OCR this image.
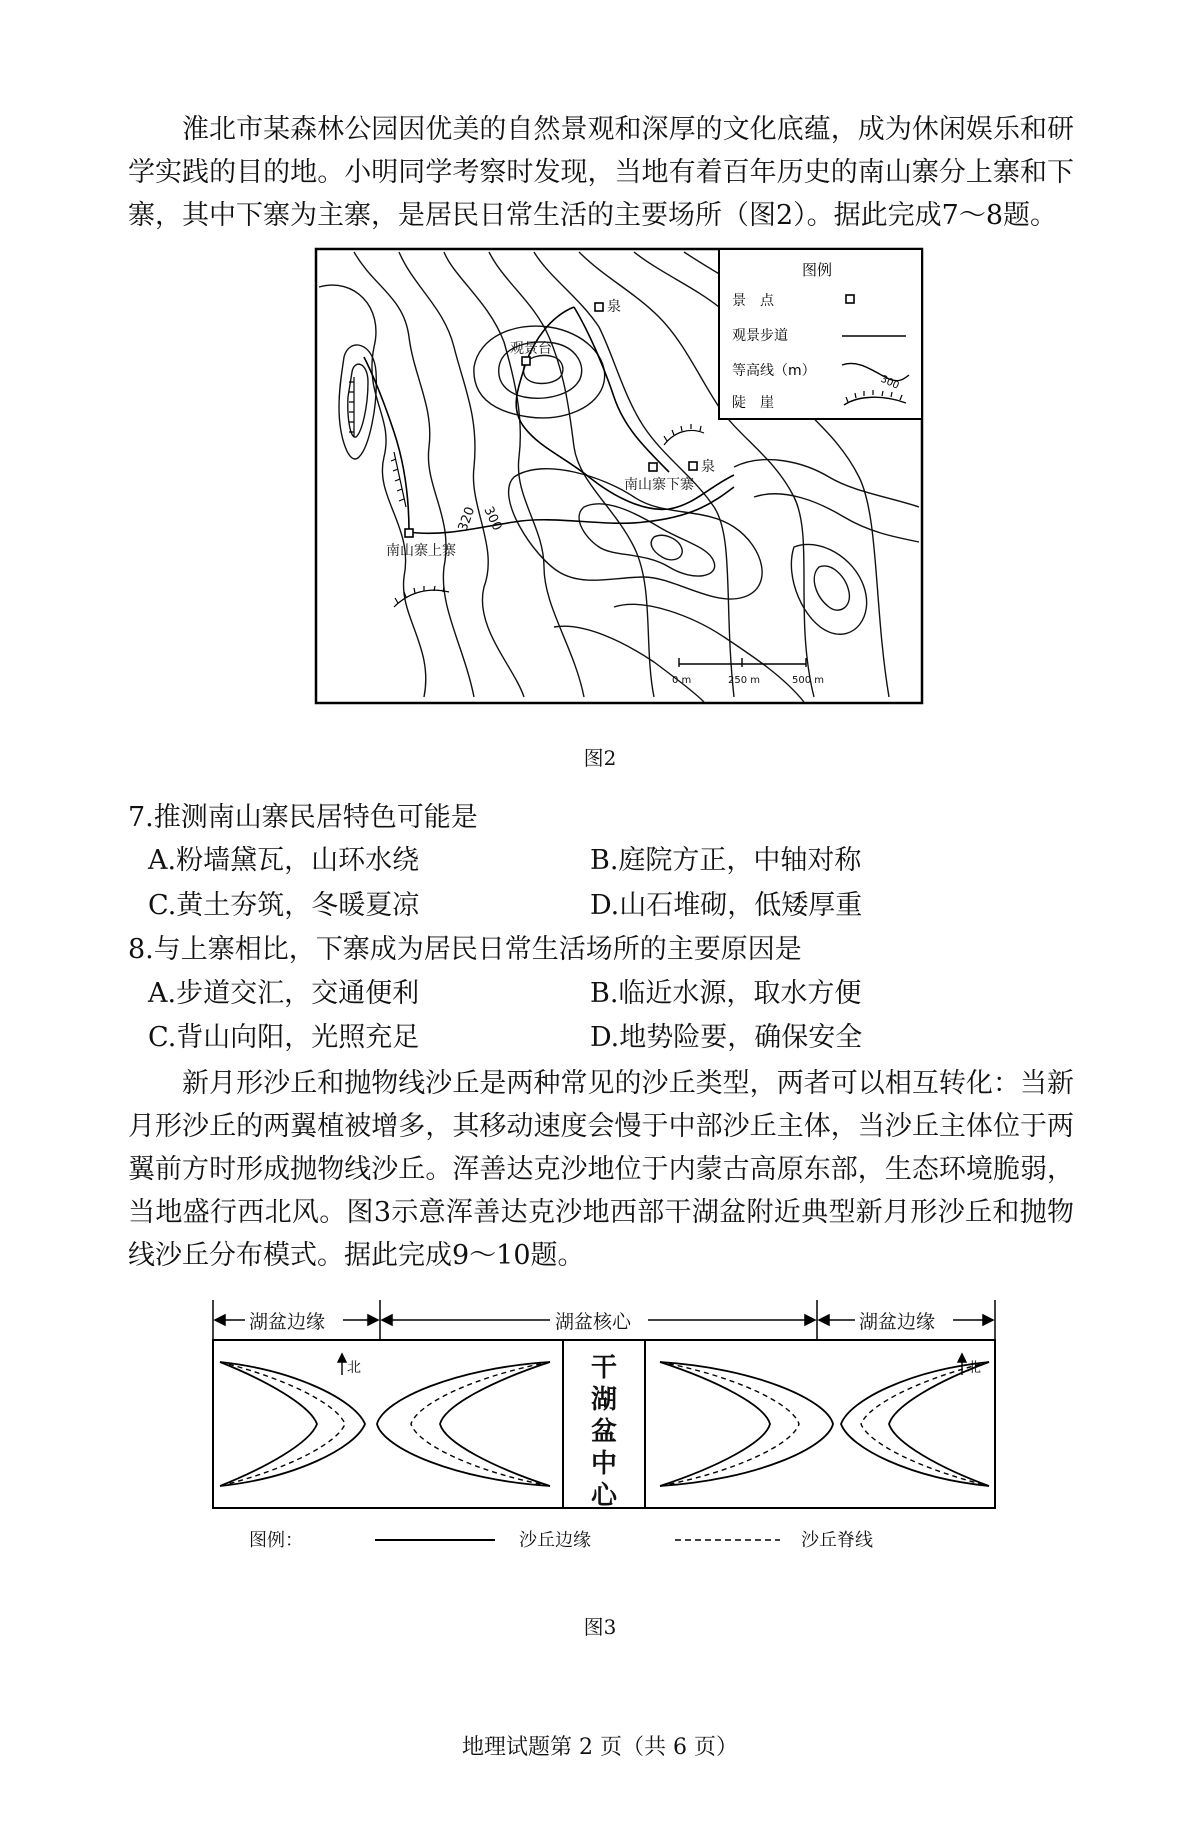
淮北市某森林公园因优美的自然景观和深厚的文化底蕴，成为休闲娱乐和研学实践的目的地。小明同学考察时发现，当地有着百年历史的南山寨分上寨和下寨，其中下寨为主寨，是居民日常生活的主要场所（图2）。据此完成7～8题。

观景台
泉
泉
南山寨下寨
南山寨上寨
300
320
0 m	250 m	500 m
图例
景　点
观景步道
等高线（m）
300
陡　崖
图2

7.推测南山寨民居特色可能是

A.粉墙黛瓦，山环水绕	B.庭院方正，中轴对称

C.黄土夯筑，冬暖夏凉	D.山石堆砌，低矮厚重

8.与上寨相比，下寨成为居民日常生活场所的主要原因是

A.步道交汇，交通便利	B.临近水源，取水方便

C.背山向阳，光照充足	D.地势险要，确保安全

新月形沙丘和抛物线沙丘是两种常见的沙丘类型，两者可以相互转化：当新月形沙丘的两翼植被增多，其移动速度会慢于中部沙丘主体，当沙丘主体位于两翼前方时形成抛物线沙丘。浑善达克沙地位于内蒙古高原东部，生态环境脆弱，当地盛行西北风。图3示意浑善达克沙地西部干湖盆附近典型新月形沙丘和抛物线沙丘分布模式。据此完成9～10题。

湖盆边缘	湖盆核心	湖盆边缘
干
湖
盆
中
心
北	北
图例：	沙丘边缘	沙丘脊线
图3
地理试题第 2 页（共 6 页）
